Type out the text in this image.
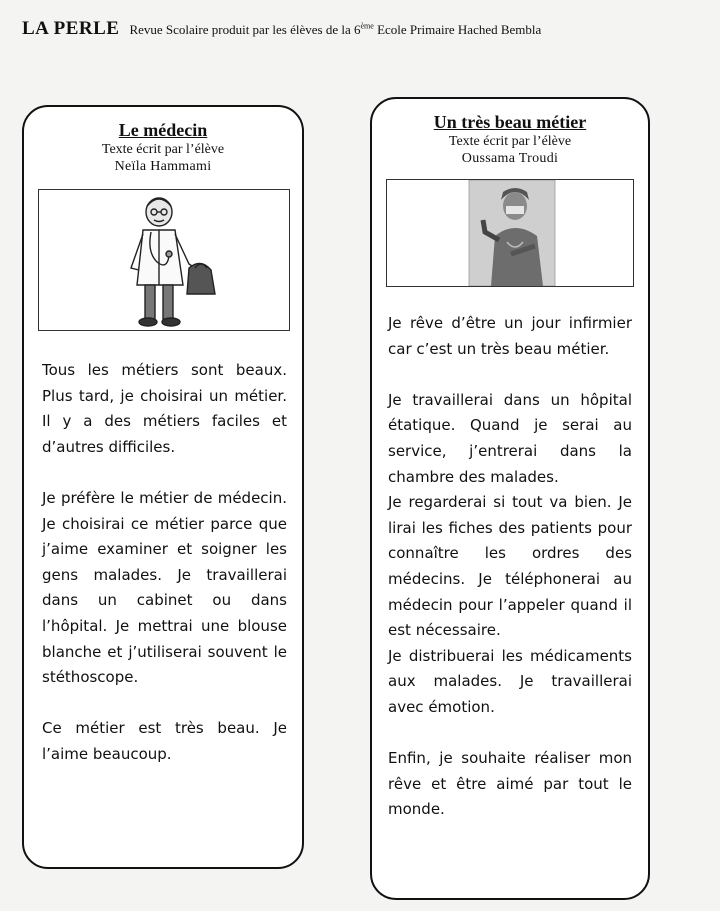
LA PERLE Revue Scolaire produit par les élèves de la 6ème Ecole Primaire Hached Bembla
Le médecin
Texte écrit par l’élève
Neïla Hammami

Tous les métiers sont beaux. Plus tard, je choisirai un métier. Il y a des métiers faciles et d’autres difficiles.

Je préfère le métier de médecin. Je choisirai ce métier parce que j’aime examiner et soigner les gens malades. Je travaillerai dans un cabinet ou dans l’hôpital. Je mettrai une blouse blanche et j’utiliserai souvent le stéthoscope.

Ce métier est très beau. Je l’aime beaucoup.

Un très beau métier
Texte écrit par l’élève
Oussama Troudi

Je rêve d’être un jour infirmier car c’est un très beau métier.

Je travaillerai dans un hôpital étatique. Quand je serai au service, j’entrerai dans la chambre des malades.

Je regarderai si tout va bien. Je lirai les fiches des patients pour connaître les ordres des médecins. Je téléphonerai au médecin pour l’appeler quand il est nécessaire.

Je distribuerai les médicaments aux malades. Je travaillerai avec émotion.

Enfin, je souhaite réaliser mon rêve et être aimé par tout le monde.
